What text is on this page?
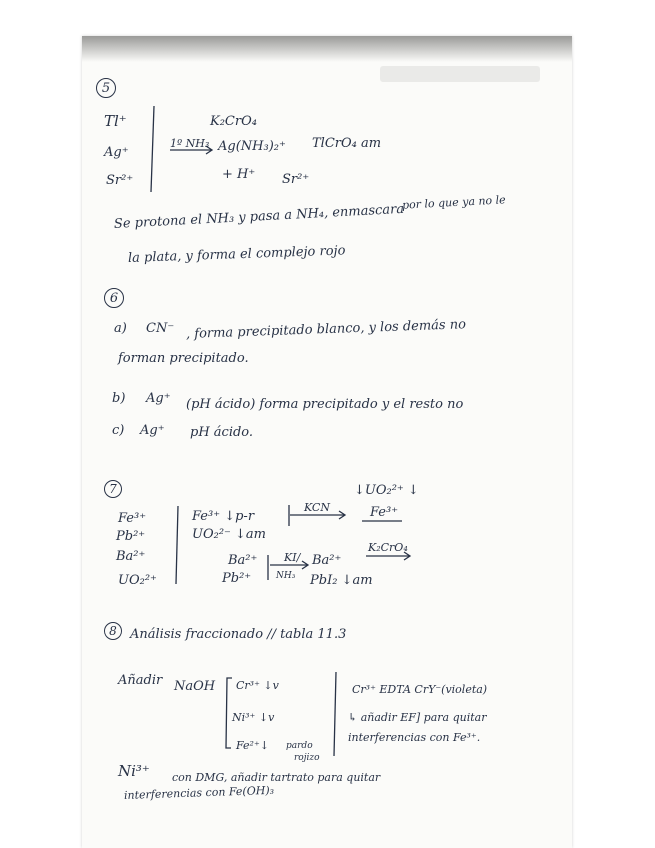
5
Tl⁺
Ag⁺
Sr²⁺
K₂CrO₄
1º NH₃ Ag(NH₃)₂⁺ TlCrO₄ am
+ H⁺ Sr²⁺
por lo que ya no le
Se protona el NH₃ y pasa a NH₄, enmascara
la plata, y forma el complejo rojo
6
a) CN⁻ , forma precipitado blanco, y los demás no
forman precipitado.
b) Ag⁺ (pH ácido) forma precipitado y el resto no
c) Ag⁺ pH ácido.
7
Fe³⁺
Pb²⁺
Ba²⁺
UO₂²⁺
Fe³⁺ ↓p-r
UO₂²⁻ ↓am
KCN
↓UO₂²⁺ ↓
Fe³⁺
Ba²⁺
Pb²⁺
KI/
NH₃
Ba²⁺
K₂CrO₄
PbI₂ ↓am
8 Análisis fraccionado // tabla 11.3
Añadir NaOH Cr³⁺ ↓v
Ni³⁺ ↓v
Fe²⁺↓ pardo
rojizo
Cr³⁺ EDTA CrY⁻(violeta)
↳ añadir EF] para quitar
interferencias con Fe³⁺.
Ni³⁺ con DMG, añadir tartrato para quitar
interferencias con Fe(OH)₃
